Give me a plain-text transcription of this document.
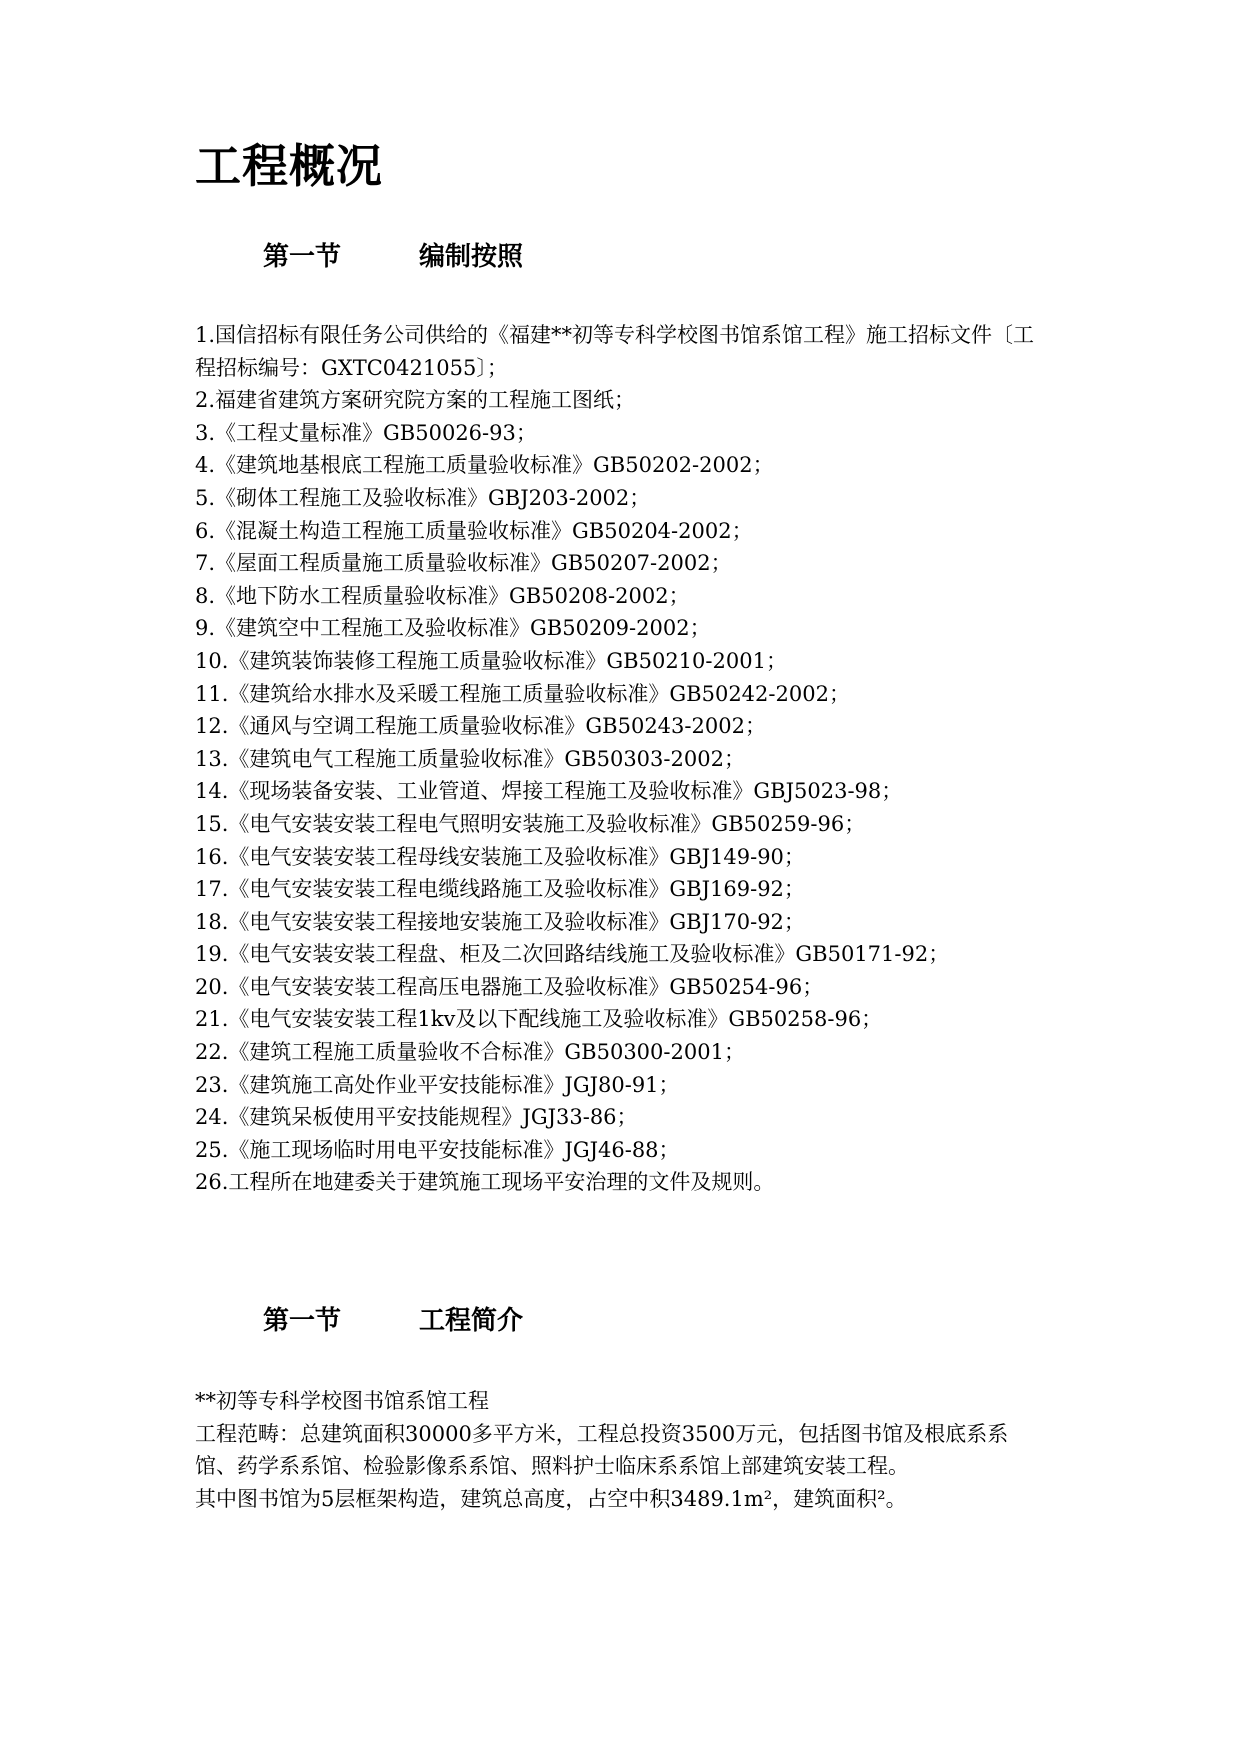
工程概况
第一节	编制按照
1.国信招标有限任务公司供给的《福建**初等专科学校图书馆系馆工程》施工招标文件〔工程招标编号：GXTC0421055〕；
2.福建省建筑方案研究院方案的工程施工图纸；
3.《工程丈量标准》GB50026-93；
4.《建筑地基根底工程施工质量验收标准》GB50202-2002；
5.《砌体工程施工及验收标准》GBJ203-2002；
6.《混凝土构造工程施工质量验收标准》GB50204-2002；
7.《屋面工程质量施工质量验收标准》GB50207-2002；
8.《地下防水工程质量验收标准》GB50208-2002；
9.《建筑空中工程施工及验收标准》GB50209-2002；
10.《建筑装饰装修工程施工质量验收标准》GB50210-2001；
11.《建筑给水排水及采暖工程施工质量验收标准》GB50242-2002；
12.《通风与空调工程施工质量验收标准》GB50243-2002；
13.《建筑电气工程施工质量验收标准》GB50303-2002；
14.《现场装备安装、工业管道、焊接工程施工及验收标准》GBJ5023-98；
15.《电气安装安装工程电气照明安装施工及验收标准》GB50259-96；
16.《电气安装安装工程母线安装施工及验收标准》GBJ149-90；
17.《电气安装安装工程电缆线路施工及验收标准》GBJ169-92；
18.《电气安装安装工程接地安装施工及验收标准》GBJ170-92；
19.《电气安装安装工程盘、柜及二次回路结线施工及验收标准》GB50171-92；
20.《电气安装安装工程高压电器施工及验收标准》GB50254-96；
21.《电气安装安装工程1kv及以下配线施工及验收标准》GB50258-96；
22.《建筑工程施工质量验收不合标准》GB50300-2001；
23.《建筑施工高处作业平安技能标准》JGJ80-91；
24.《建筑呆板使用平安技能规程》JGJ33-86；
25.《施工现场临时用电平安技能标准》JGJ46-88；
26.工程所在地建委关于建筑施工现场平安治理的文件及规则。
第一节	工程简介

**初等专科学校图书馆系馆工程

工程范畴：总建筑面积30000多平方米，工程总投资3500万元，包括图书馆及根底系系馆、药学系系馆、检验影像系系馆、照料护士临床系系馆上部建筑安装工程。

其中图书馆为5层框架构造，建筑总高度，占空中积3489.1m²，建筑面积²。
